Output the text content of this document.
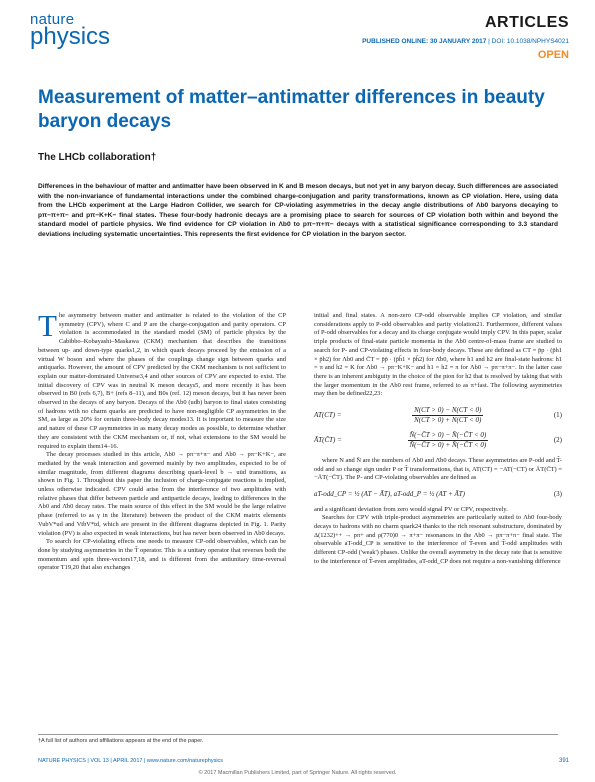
nature
physics
ARTICLES
PUBLISHED ONLINE: 30 JANUARY 2017 | DOI: 10.1038/NPHYS4021
OPEN
Measurement of matter–antimatter differences in beauty baryon decays
The LHCb collaboration†
Differences in the behaviour of matter and antimatter have been observed in K and B meson decays, but not yet in any baryon decay. Such differences are associated with the non-invariance of fundamental interactions under the combined charge-conjugation and parity transformations, known as CP violation. Here, using data from the LHCb experiment at the Large Hadron Collider, we search for CP-violating asymmetries in the decay angle distributions of Λb0 baryons decaying to pπ−π+π− and pπ−K+K− final states. These four-body hadronic decays are a promising place to search for sources of CP violation both within and beyond the standard model of particle physics. We find evidence for CP violation in Λb0 to pπ−π+π− decays with a statistical significance corresponding to 3.3 standard deviations including systematic uncertainties. This represents the first evidence for CP violation in the baryon sector.

The asymmetry between matter and antimatter is related to the violation of the CP symmetry (CPV), where C and P are the charge-conjugation and parity operators. CP violation is accommodated in the standard model (SM) of particle physics by the Cabibbo–Kobayashi–Maskawa (CKM) mechanism that describes the transitions between up- and down-type quarks1,2, in which quark decays proceed by the emission of a virtual W boson and where the phases of the couplings change sign between quarks and antiquarks. However, the amount of CPV predicted by the CKM mechanism is not sufficient to explain our matter-dominated Universe3,4 and other sources of CPV are expected to exist. The initial discovery of CPV was in neutral K meson decays5, and more recently it has been observed in B0 (refs 6,7), B+ (refs 8–11), and B0s (ref. 12) meson decays, but it has never been observed in the decays of any baryon. Decays of the Λb0 (udb) baryon to final states consisting of hadrons with no charm quarks are predicted to have non-negligible CP asymmetries in the SM, as large as 20% for certain three-body decay modes13. It is important to measure the size and nature of these CP asymmetries in as many decay modes as possible, to determine whether they are consistent with the CKM mechanism or, if not, what extensions to the SM would be required to explain them14–16.

The decay processes studied in this article, Λb0 → pπ−π+π− and Λb0 → pπ−K+K−, are mediated by the weak interaction and governed mainly by two amplitudes, expected to be of similar magnitude, from different diagrams describing quark-level b → uūd transitions, as shown in Fig. 1. Throughout this paper the inclusion of charge-conjugate reactions is implied, unless otherwise indicated. CPV could arise from the interference of two amplitudes with relative phases that differ between particle and antiparticle decays, leading to differences in the Λb0 and Λ̄b0 decay rates. The main source of this effect in the SM would be the large relative phase (referred to as γ in the literature) between the product of the CKM matrix elements VubV*ud and VtbV*td, which are present in the different diagrams depicted in Fig. 1. Parity violation (PV) is also expected in weak interactions, but has never been observed in Λb0 decays.

To search for CP-violating effects one needs to measure CP-odd observables, which can be done by studying asymmetries in the T̂ operator. This is a unitary operator that reverses both the momentum and spin three-vectors17,18, and is different from the antiunitary time-reversal operator T19,20 that also exchanges

initial and final states. A non-zero CP-odd observable implies CP violation, and similar considerations apply to P-odd observables and parity violation21. Furthermore, different values of P-odd observables for a decay and its charge conjugate would imply CPV. In this paper, scalar triple products of final-state particle momenta in the Λb0 centre-of-mass frame are studied to search for P- and CP-violating effects in four-body decays. These are defined as CT = p̄p · (p̄h1 × p̄h2) for Λb0 and C̄T = p̄p̄ · (p̄h̄1 × p̄h̄2) for Λ̄b0, where h1 and h2 are final-state hadrons: h1 = π and h2 = K for Λb0 → pπ−K+K− and h1 = h2 = π for Λb0 → pπ−π+π−. In the latter case there is an inherent ambiguity in the choice of the pion for h2 that is resolved by taking that with the larger momentum in the Λb0 rest frame, referred to as π+fast. The following asymmetries may then be defined22,23:

AT(CT) =	$\frac{N(CT > 0) - N(CT < 0)}{N(CT > 0) + N(CT < 0)}$	(1)
ĀT(C̄T) =	$\frac{N̄(-C̄T > 0) - N̄(-C̄T < 0)}{N̄(-C̄T > 0) + N̄(-C̄T < 0)}$	(2)

where N and N̄ are the numbers of Λb0 and Λ̄b0 decays. These asymmetries are P-odd and T̂-odd and so change sign under P or T̂ transformations, that is, AT(CT) = −AT(−CT) or ĀT(C̄T) = −ĀT(−C̄T). The P- and CP-violating observables are defined as

aT-odd_CP = ½ (AT − ĀT), aT-odd_P = ½ (AT + ĀT)	(3)

and a significant deviation from zero would signal PV or CPV, respectively.

Searches for CPV with triple-product asymmetries are particularly suited to Λb0 four-body decays to hadrons with no charm quark24 thanks to the rich resonant substructure, dominated by Δ(1232)++ → pπ+ and ρ(770)0 → π+π− resonances in the Λb0 → pπ−π+π− final state. The observable aT-odd_CP is sensitive to the interference of T̂-even and T̂-odd amplitudes with different CP-odd ('weak') phases. Unlike the overall asymmetry in the decay rate that is sensitive to the interference of T̂-even amplitudes, aT-odd_CP does not require a non-vanishing difference

†A full list of authors and affiliations appears at the end of the paper.
NATURE PHYSICS | VOL 13 | APRIL 2017 | www.nature.com/naturephysics	391
© 2017 Macmillan Publishers Limited, part of Springer Nature. All rights reserved.
